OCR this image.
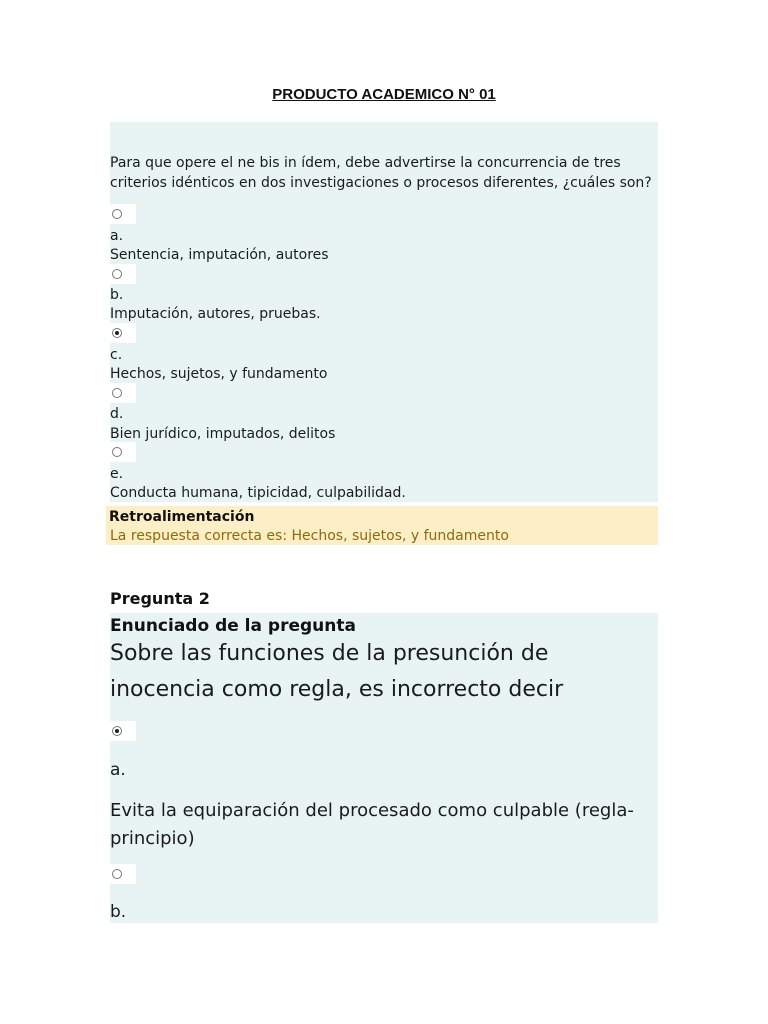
PRODUCTO ACADEMICO N° 01
Para que opere el ne bis in ídem, debe advertirse la concurrencia de tres criterios idénticos en dos investigaciones o procesos diferentes, ¿cuáles son?
a.
Sentencia, imputación, autores
b.
Imputación, autores, pruebas.
c.
Hechos, sujetos, y fundamento
d.
Bien jurídico, imputados, delitos
e.
Conducta humana, tipicidad, culpabilidad.
Retroalimentación
La respuesta correcta es: Hechos, sujetos, y fundamento
Pregunta 2
Enunciado de la pregunta
Sobre las funciones de la presunción de inocencia como regla, es incorrecto decir
a.
Evita la equiparación del procesado como culpable (regla-principio)
b.
